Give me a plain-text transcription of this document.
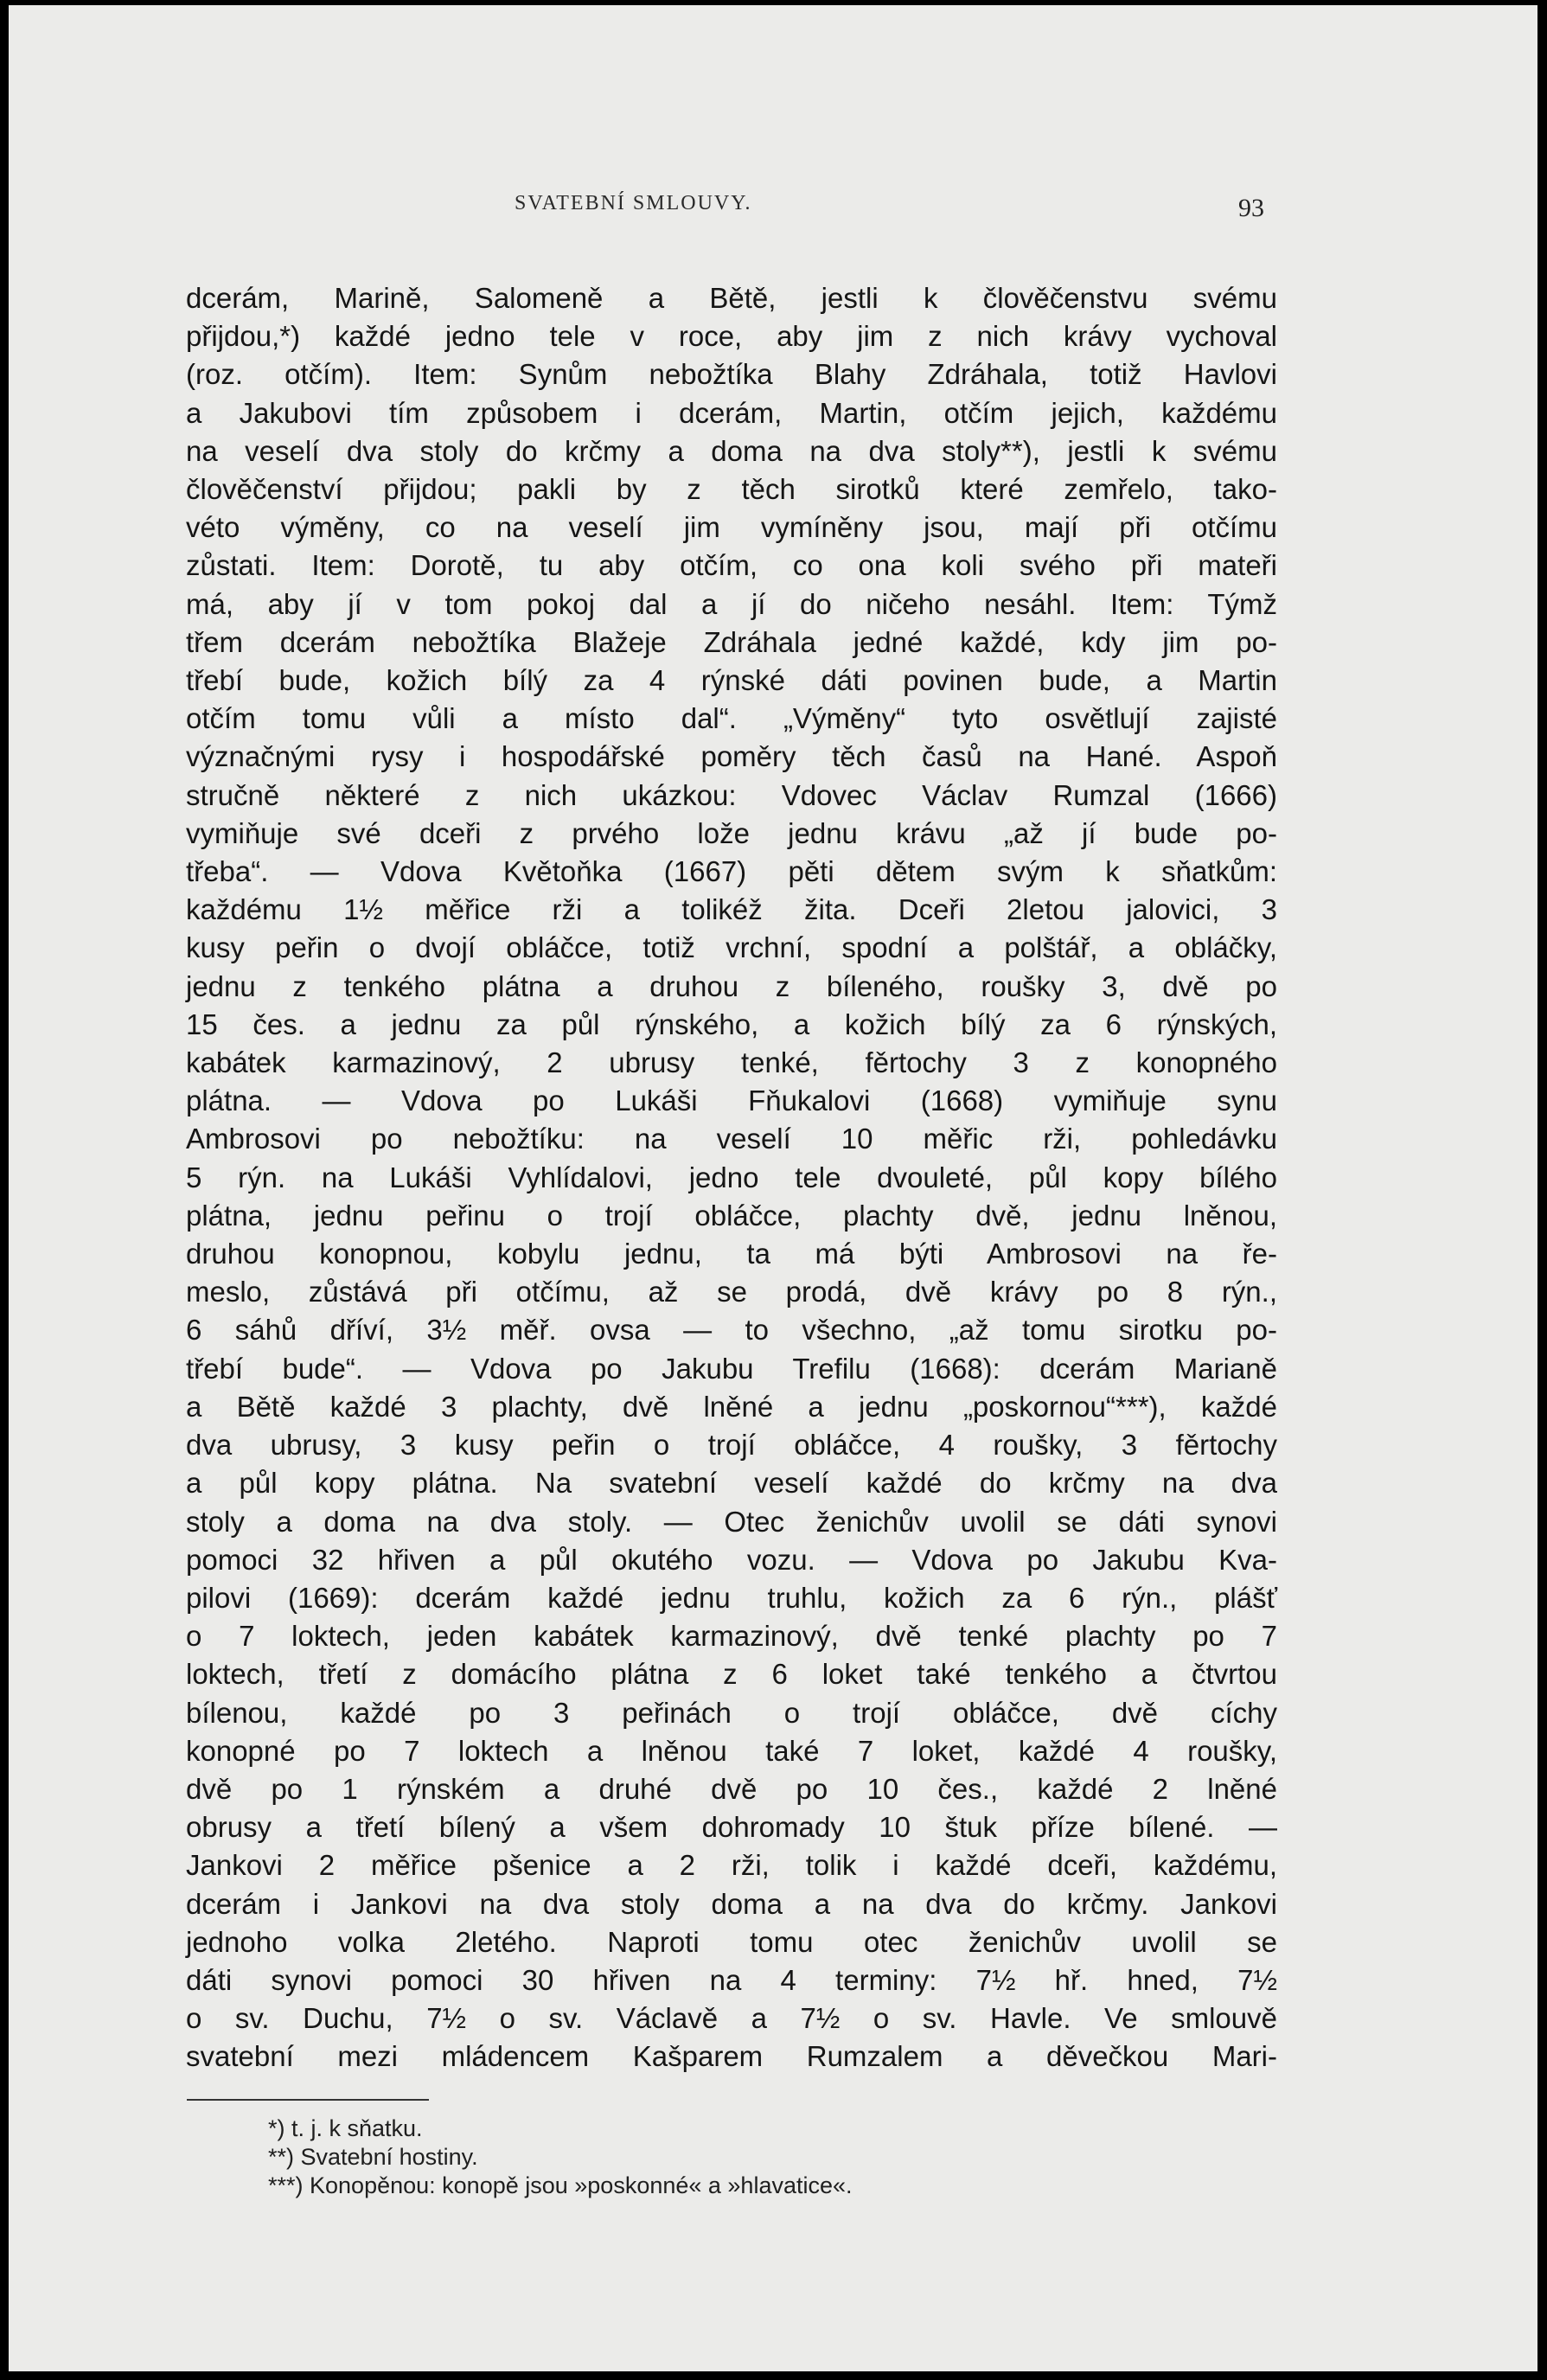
SVATEBNÍ SMLOUVY.	93
dcerám, Marině, Salomeně a Bětě, jestli k člověčenstvu svému
přijdou,*) každé jedno tele v roce, aby jim z nich krávy vychoval
(roz. otčím). Item: Synům nebožtíka Blahy Zdráhala, totiž Havlovi
a Jakubovi tím způsobem i dcerám, Martin, otčím jejich, každému
na veselí dva stoly do krčmy a doma na dva stoly**), jestli k svému
člověčenství přijdou; pakli by z těch sirotků které zemřelo, tako-
véto výměny, co na veselí jim vymíněny jsou, mají při otčímu
zůstati. Item: Dorotě, tu aby otčím, co ona koli svého při mateři
má, aby jí v tom pokoj dal a jí do ničeho nesáhl. Item: Týmž
třem dcerám nebožtíka Blažeje Zdráhala jedné každé, kdy jim po-
třebí bude, kožich bílý za 4 rýnské dáti povinen bude, a Martin
otčím tomu vůli a místo dal“. „Výměny“ tyto osvětlují zajisté
význačnými rysy i hospodářské poměry těch časů na Hané. Aspoň
stručně některé z nich ukázkou: Vdovec Václav Rumzal (1666)
vymiňuje své dceři z prvého lože jednu krávu „až jí bude po-
třeba“. — Vdova Květoňka (1667) pěti dětem svým k sňatkům:
každému 1½ měřice rži a tolikéž žita. Dceři 2letou jalovici, 3
kusy peřin o dvojí obláčce, totiž vrchní, spodní a polštář, a obláčky,
jednu z tenkého plátna a druhou z bíleného, roušky 3, dvě po
15 čes. a jednu za půl rýnského, a kožich bílý za 6 rýnských,
kabátek karmazinový, 2 ubrusy tenké, fěrtochy 3 z konopného
plátna. — Vdova po Lukáši Fňukalovi (1668) vymiňuje synu
Ambrosovi po nebožtíku: na veselí 10 měřic rži, pohledávku
5 rýn. na Lukáši Vyhlídalovi, jedno tele dvouleté, půl kopy bílého
plátna, jednu peřinu o trojí obláčce, plachty dvě, jednu lněnou,
druhou konopnou, kobylu jednu, ta má býti Ambrosovi na ře-
meslo, zůstává při otčímu, až se prodá, dvě krávy po 8 rýn.,
6 sáhů dříví, 3½ měř. ovsa — to všechno, „až tomu sirotku po-
třebí bude“. — Vdova po Jakubu Trefilu (1668): dcerám Marianě
a Bětě každé 3 plachty, dvě lněné a jednu „poskornou“***), každé
dva ubrusy, 3 kusy peřin o trojí obláčce, 4 roušky, 3 fěrtochy
a půl kopy plátna. Na svatební veselí každé do krčmy na dva
stoly a doma na dva stoly. — Otec ženichův uvolil se dáti synovi
pomoci 32 hřiven a půl okutého vozu. — Vdova po Jakubu Kva-
pilovi (1669): dcerám každé jednu truhlu, kožich za 6 rýn., plášť
o 7 loktech, jeden kabátek karmazinový, dvě tenké plachty po 7
loktech, třetí z domácího plátna z 6 loket také tenkého a čtvrtou
bílenou, každé po 3 peřinách o trojí obláčce, dvě cíchy
konopné po 7 loktech a lněnou také 7 loket, každé 4 roušky,
dvě po 1 rýnském a druhé dvě po 10 čes., každé 2 lněné
obrusy a třetí bílený a všem dohromady 10 štuk příze bílené. —
Jankovi 2 měřice pšenice a 2 rži, tolik i každé dceři, každému,
dcerám i Jankovi na dva stoly doma a na dva do krčmy. Jankovi
jednoho volka 2letého. Naproti tomu otec ženichův uvolil se
dáti synovi pomoci 30 hřiven na 4 terminy: 7½ hř. hned, 7½
o sv. Duchu, 7½ o sv. Václavě a 7½ o sv. Havle. Ve smlouvě
svatební mezi mládencem Kašparem Rumzalem a děvečkou Mari-
*) t. j. k sňatku.
**) Svatební hostiny.
***) Konopěnou: konopě jsou »poskonné« a »hlavatice«.
